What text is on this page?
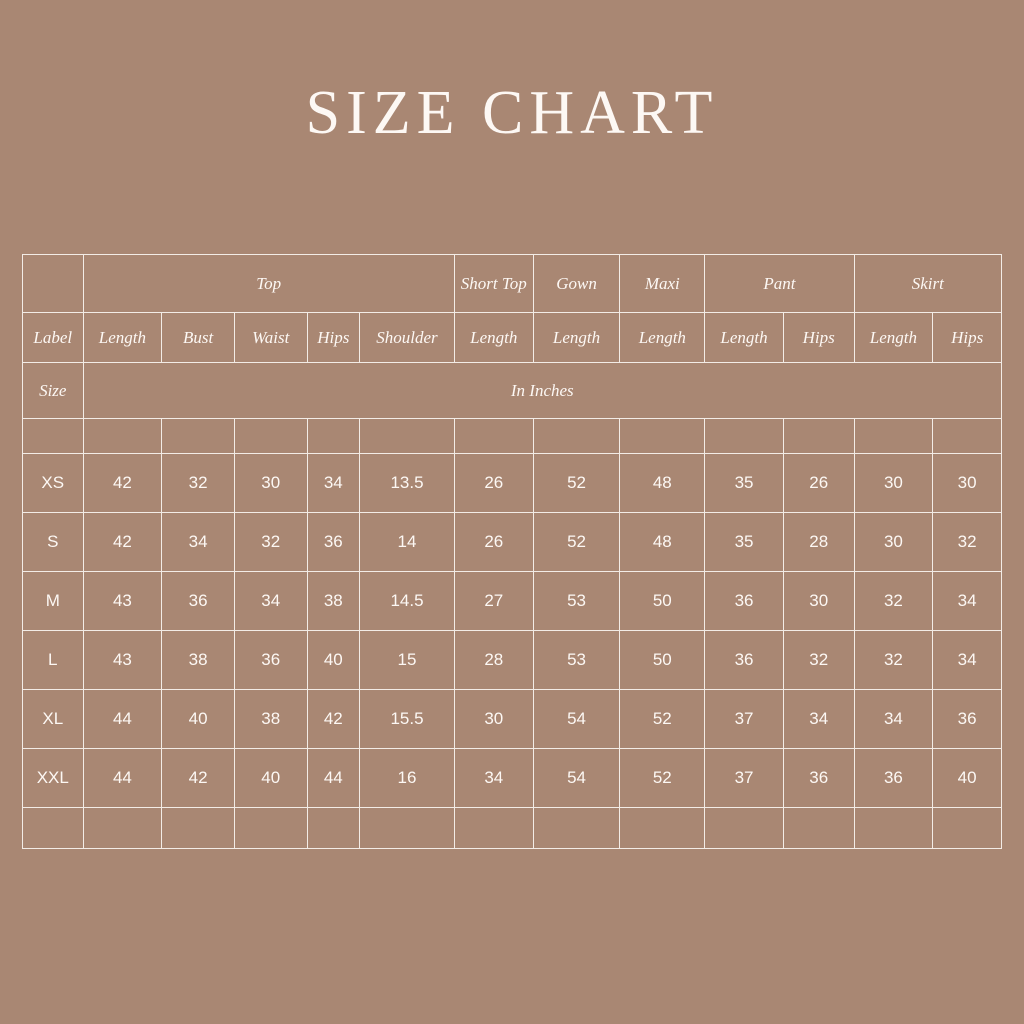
SIZE CHART
	Top					Short Top	Gown	Maxi	Pant		Skirt	
Label	Length	Bust	Waist	Hips	Shoulder	Length	Length	Length	Length	Hips	Length	Hips
Size	In Inches											

XS	42	32	30	34	13.5	26	52	48	35	26	30	30
S	42	34	32	36	14	26	52	48	35	28	30	32
M	43	36	34	38	14.5	27	53	50	36	30	32	34
L	43	38	36	40	15	28	53	50	36	32	32	34
XL	44	40	38	42	15.5	30	54	52	37	34	34	36
XXL	44	42	40	44	16	34	54	52	37	36	36	40
